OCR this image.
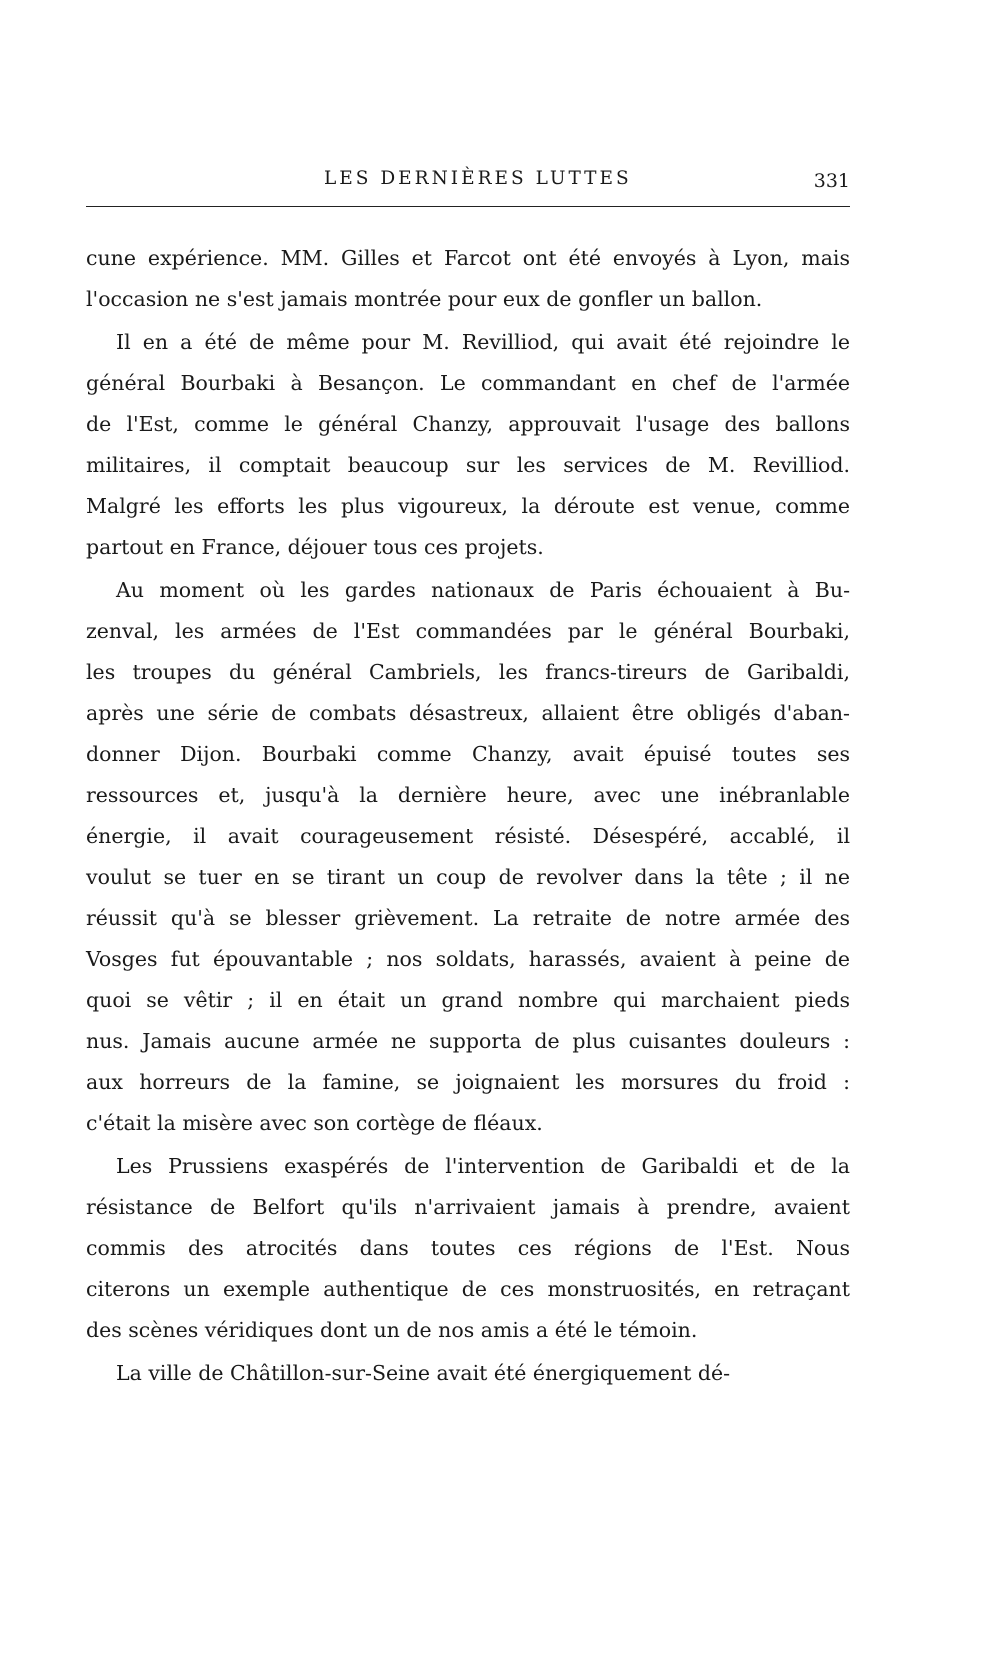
LES DERNIÈRES LUTTES	331
cune expérience. MM. Gilles et Farcot ont été envoyés à Lyon, mais
l'occasion ne s'est jamais montrée pour eux de gonfler un ballon.
Il en a été de même pour M. Revilliod, qui avait été rejoindre le
général Bourbaki à Besançon. Le commandant en chef de l'armée
de l'Est, comme le général Chanzy, approuvait l'usage des ballons
militaires, il comptait beaucoup sur les services de M. Revilliod.
Malgré les efforts les plus vigoureux, la déroute est venue, comme
partout en France, déjouer tous ces projets.
Au moment où les gardes nationaux de Paris échouaient à Bu-
zenval, les armées de l'Est commandées par le général Bourbaki,
les troupes du général Cambriels, les francs-tireurs de Garibaldi,
après une série de combats désastreux, allaient être obligés d'aban-
donner Dijon. Bourbaki comme Chanzy, avait épuisé toutes ses
ressources et, jusqu'à la dernière heure, avec une inébranlable
énergie, il avait courageusement résisté. Désespéré, accablé, il
voulut se tuer en se tirant un coup de revolver dans la tête ; il ne
réussit qu'à se blesser grièvement. La retraite de notre armée des
Vosges fut épouvantable ; nos soldats, harassés, avaient à peine de
quoi se vêtir ; il en était un grand nombre qui marchaient pieds
nus. Jamais aucune armée ne supporta de plus cuisantes douleurs :
aux horreurs de la famine, se joignaient les morsures du froid :
c'était la misère avec son cortège de fléaux.
Les Prussiens exaspérés de l'intervention de Garibaldi et de la
résistance de Belfort qu'ils n'arrivaient jamais à prendre, avaient
commis des atrocités dans toutes ces régions de l'Est. Nous
citerons un exemple authentique de ces monstruosités, en retraçant
des scènes véridiques dont un de nos amis a été le témoin.
La ville de Châtillon-sur-Seine avait été énergiquement dé-
